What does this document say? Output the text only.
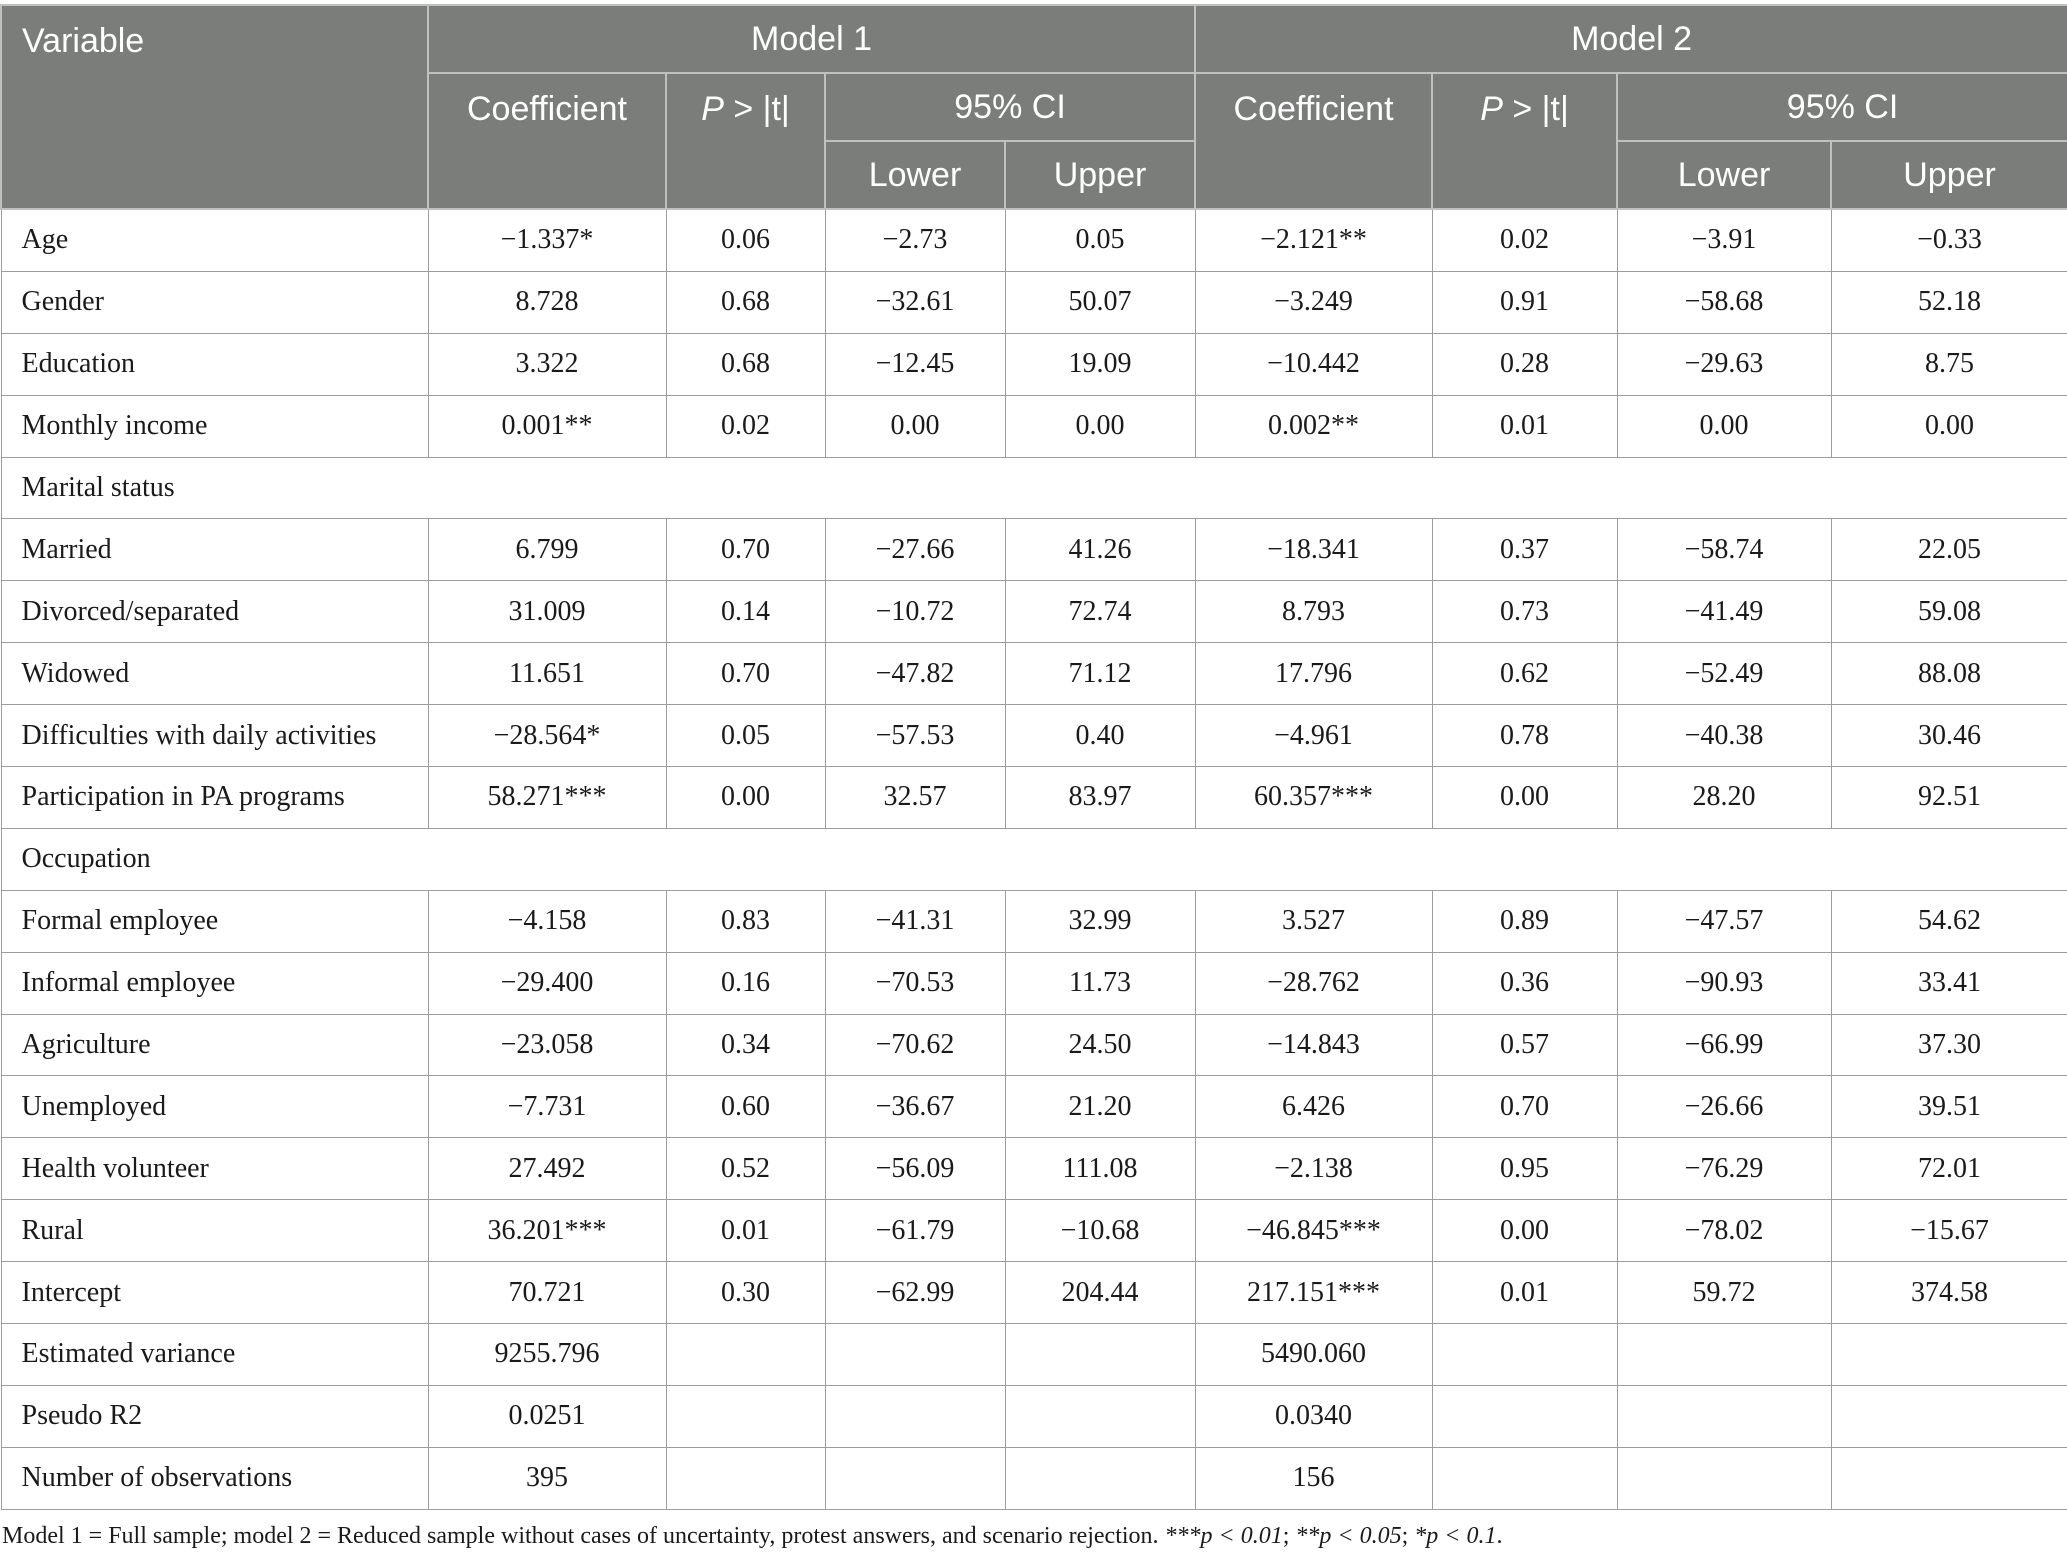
Variable	Model 1				Model 2			
	Coefficient	P > |t|	95% CI		Coefficient	P > |t|	95% CI	
			Lower	Upper			Lower	Upper
Age	−1.337*	0.06	−2.73	0.05	−2.121**	0.02	−3.91	−0.33
Gender	8.728	0.68	−32.61	50.07	−3.249	0.91	−58.68	52.18
Education	3.322	0.68	−12.45	19.09	−10.442	0.28	−29.63	8.75
Monthly income	0.001**	0.02	0.00	0.00	0.002**	0.01	0.00	0.00
Marital status								
Married	6.799	0.70	−27.66	41.26	−18.341	0.37	−58.74	22.05
Divorced/separated	31.009	0.14	−10.72	72.74	8.793	0.73	−41.49	59.08
Widowed	11.651	0.70	−47.82	71.12	17.796	0.62	−52.49	88.08
Difficulties with daily activities	−28.564*	0.05	−57.53	0.40	−4.961	0.78	−40.38	30.46
Participation in PA programs	58.271***	0.00	32.57	83.97	60.357***	0.00	28.20	92.51
Occupation								
Formal employee	−4.158	0.83	−41.31	32.99	3.527	0.89	−47.57	54.62
Informal employee	−29.400	0.16	−70.53	11.73	−28.762	0.36	−90.93	33.41
Agriculture	−23.058	0.34	−70.62	24.50	−14.843	0.57	−66.99	37.30
Unemployed	−7.731	0.60	−36.67	21.20	6.426	0.70	−26.66	39.51
Health volunteer	27.492	0.52	−56.09	111.08	−2.138	0.95	−76.29	72.01
Rural	36.201***	0.01	−61.79	−10.68	−46.845***	0.00	−78.02	−15.67
Intercept	70.721	0.30	−62.99	204.44	217.151***	0.01	59.72	374.58
Estimated variance	9255.796				5490.060			
Pseudo R2	0.0251				0.0340			
Number of observations	395				156			
Model 1 = Full sample; model 2 = Reduced sample without cases of uncertainty, protest answers, and scenario rejection. ***p < 0.01; **p < 0.05; *p < 0.1.
